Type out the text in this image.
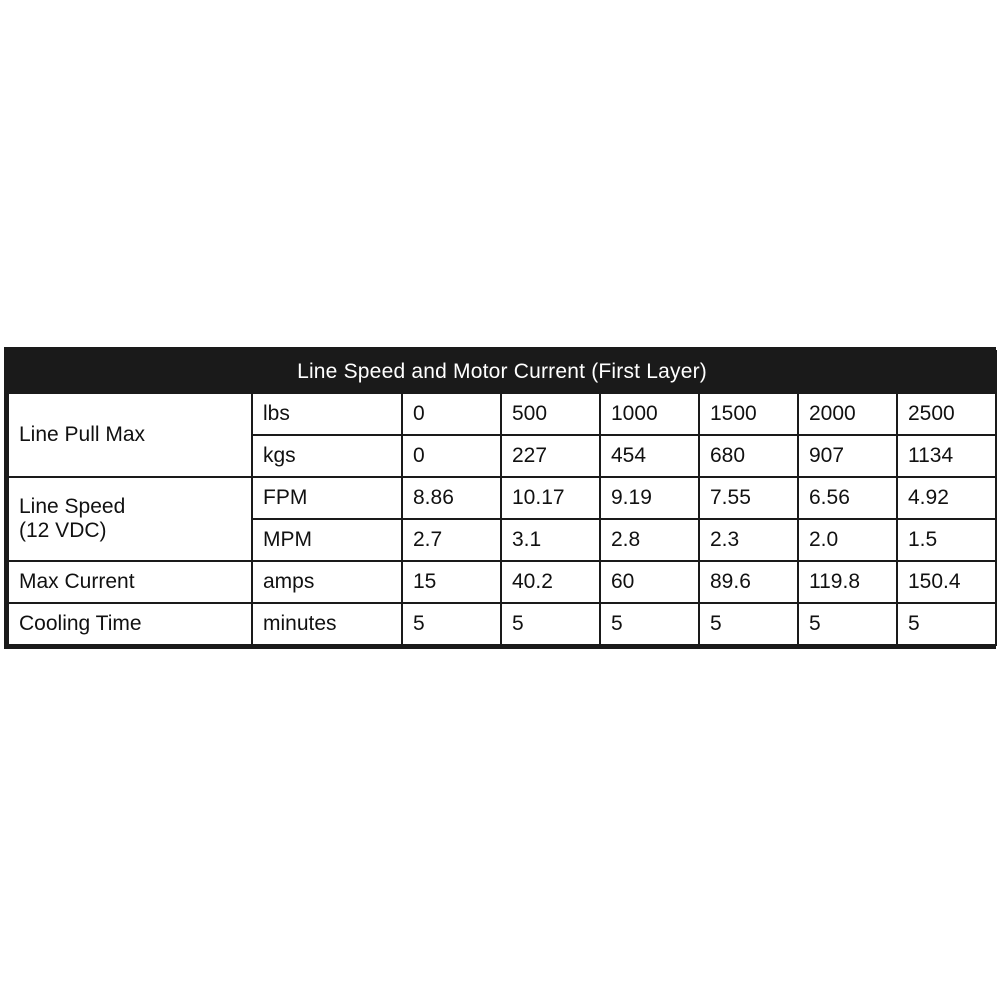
Line Speed and Motor Current (First Layer)							
Line Pull Max	lbs	0	500	1000	1500	2000	2500
	kgs	0	227	454	680	907	1134

Line Speed
(12 VDC)	FPM	8.86	10.17	9.19	7.55	6.56	4.92
	MPM	2.7	3.1	2.8	2.3	2.0	1.5
Max Current	amps	15	40.2	60	89.6	119.8	150.4
Cooling Time	minutes	5	5	5	5	5	5
